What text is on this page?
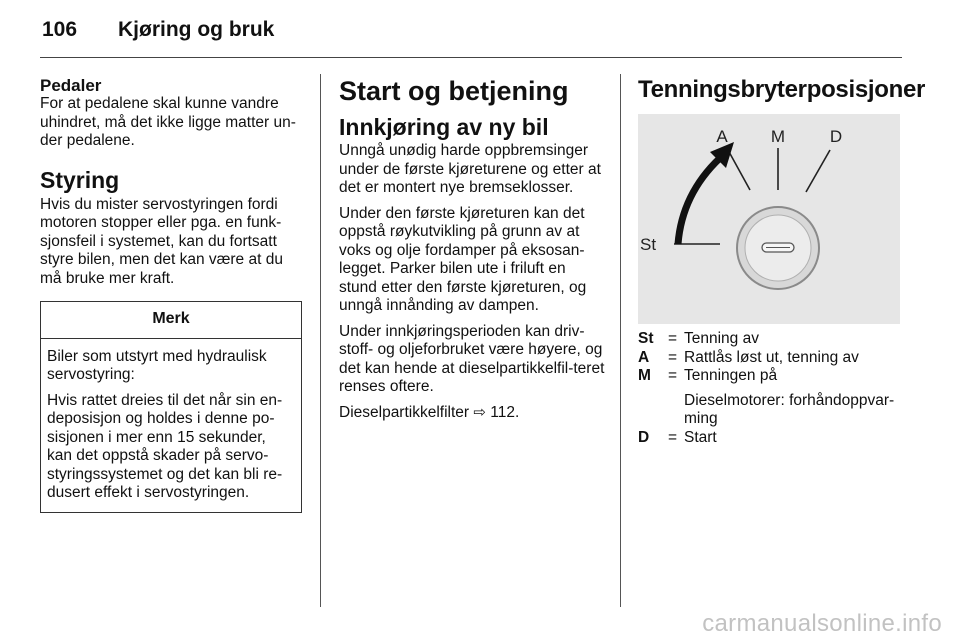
106 Kjøring og bruk
Pedaler

For at pedalene skal kunne vandre uhindret, må det ikke ligge matter un-der pedalene.

Styring

Hvis du mister servostyringen fordi motoren stopper eller pga. en funk-sjonsfeil i systemet, kan du fortsatt styre bilen, men det kan være at du må bruke mer kraft.

Merk

Biler som utstyrt med hydraulisk servostyring:

Hvis rattet dreies til det når sin en-deposisjon og holdes i denne po-sisjonen i mer enn 15 sekunder, kan det oppstå skader på servo-styringssystemet og det kan bli re-dusert effekt i servostyringen.

Start og betjening
Innkjøring av ny bil

Unngå unødig harde oppbremsinger under de første kjøreturene og etter at det er montert nye bremseklosser.

Under den første kjøreturen kan det oppstå røykutvikling på grunn av at voks og olje fordamper på eksosan-legget. Parker bilen ute i friluft en stund etter den første kjøreturen, og unngå innånding av dampen.

Under innkjøringsperioden kan driv-stoff- og oljeforbruket være høyere, og det kan hende at dieselpartikkelfil-teret renses oftere.

Dieselpartikkelfilter ⇨ 112.

Tenningsbryterposisjoner
A	M	D
St
St = Tenning av
A	= Rattlås løst ut, tenning av
M	= Tenningen på
Dieselmotorer: forhåndoppvar-ming
D	= Start
carmanualsonline.info
